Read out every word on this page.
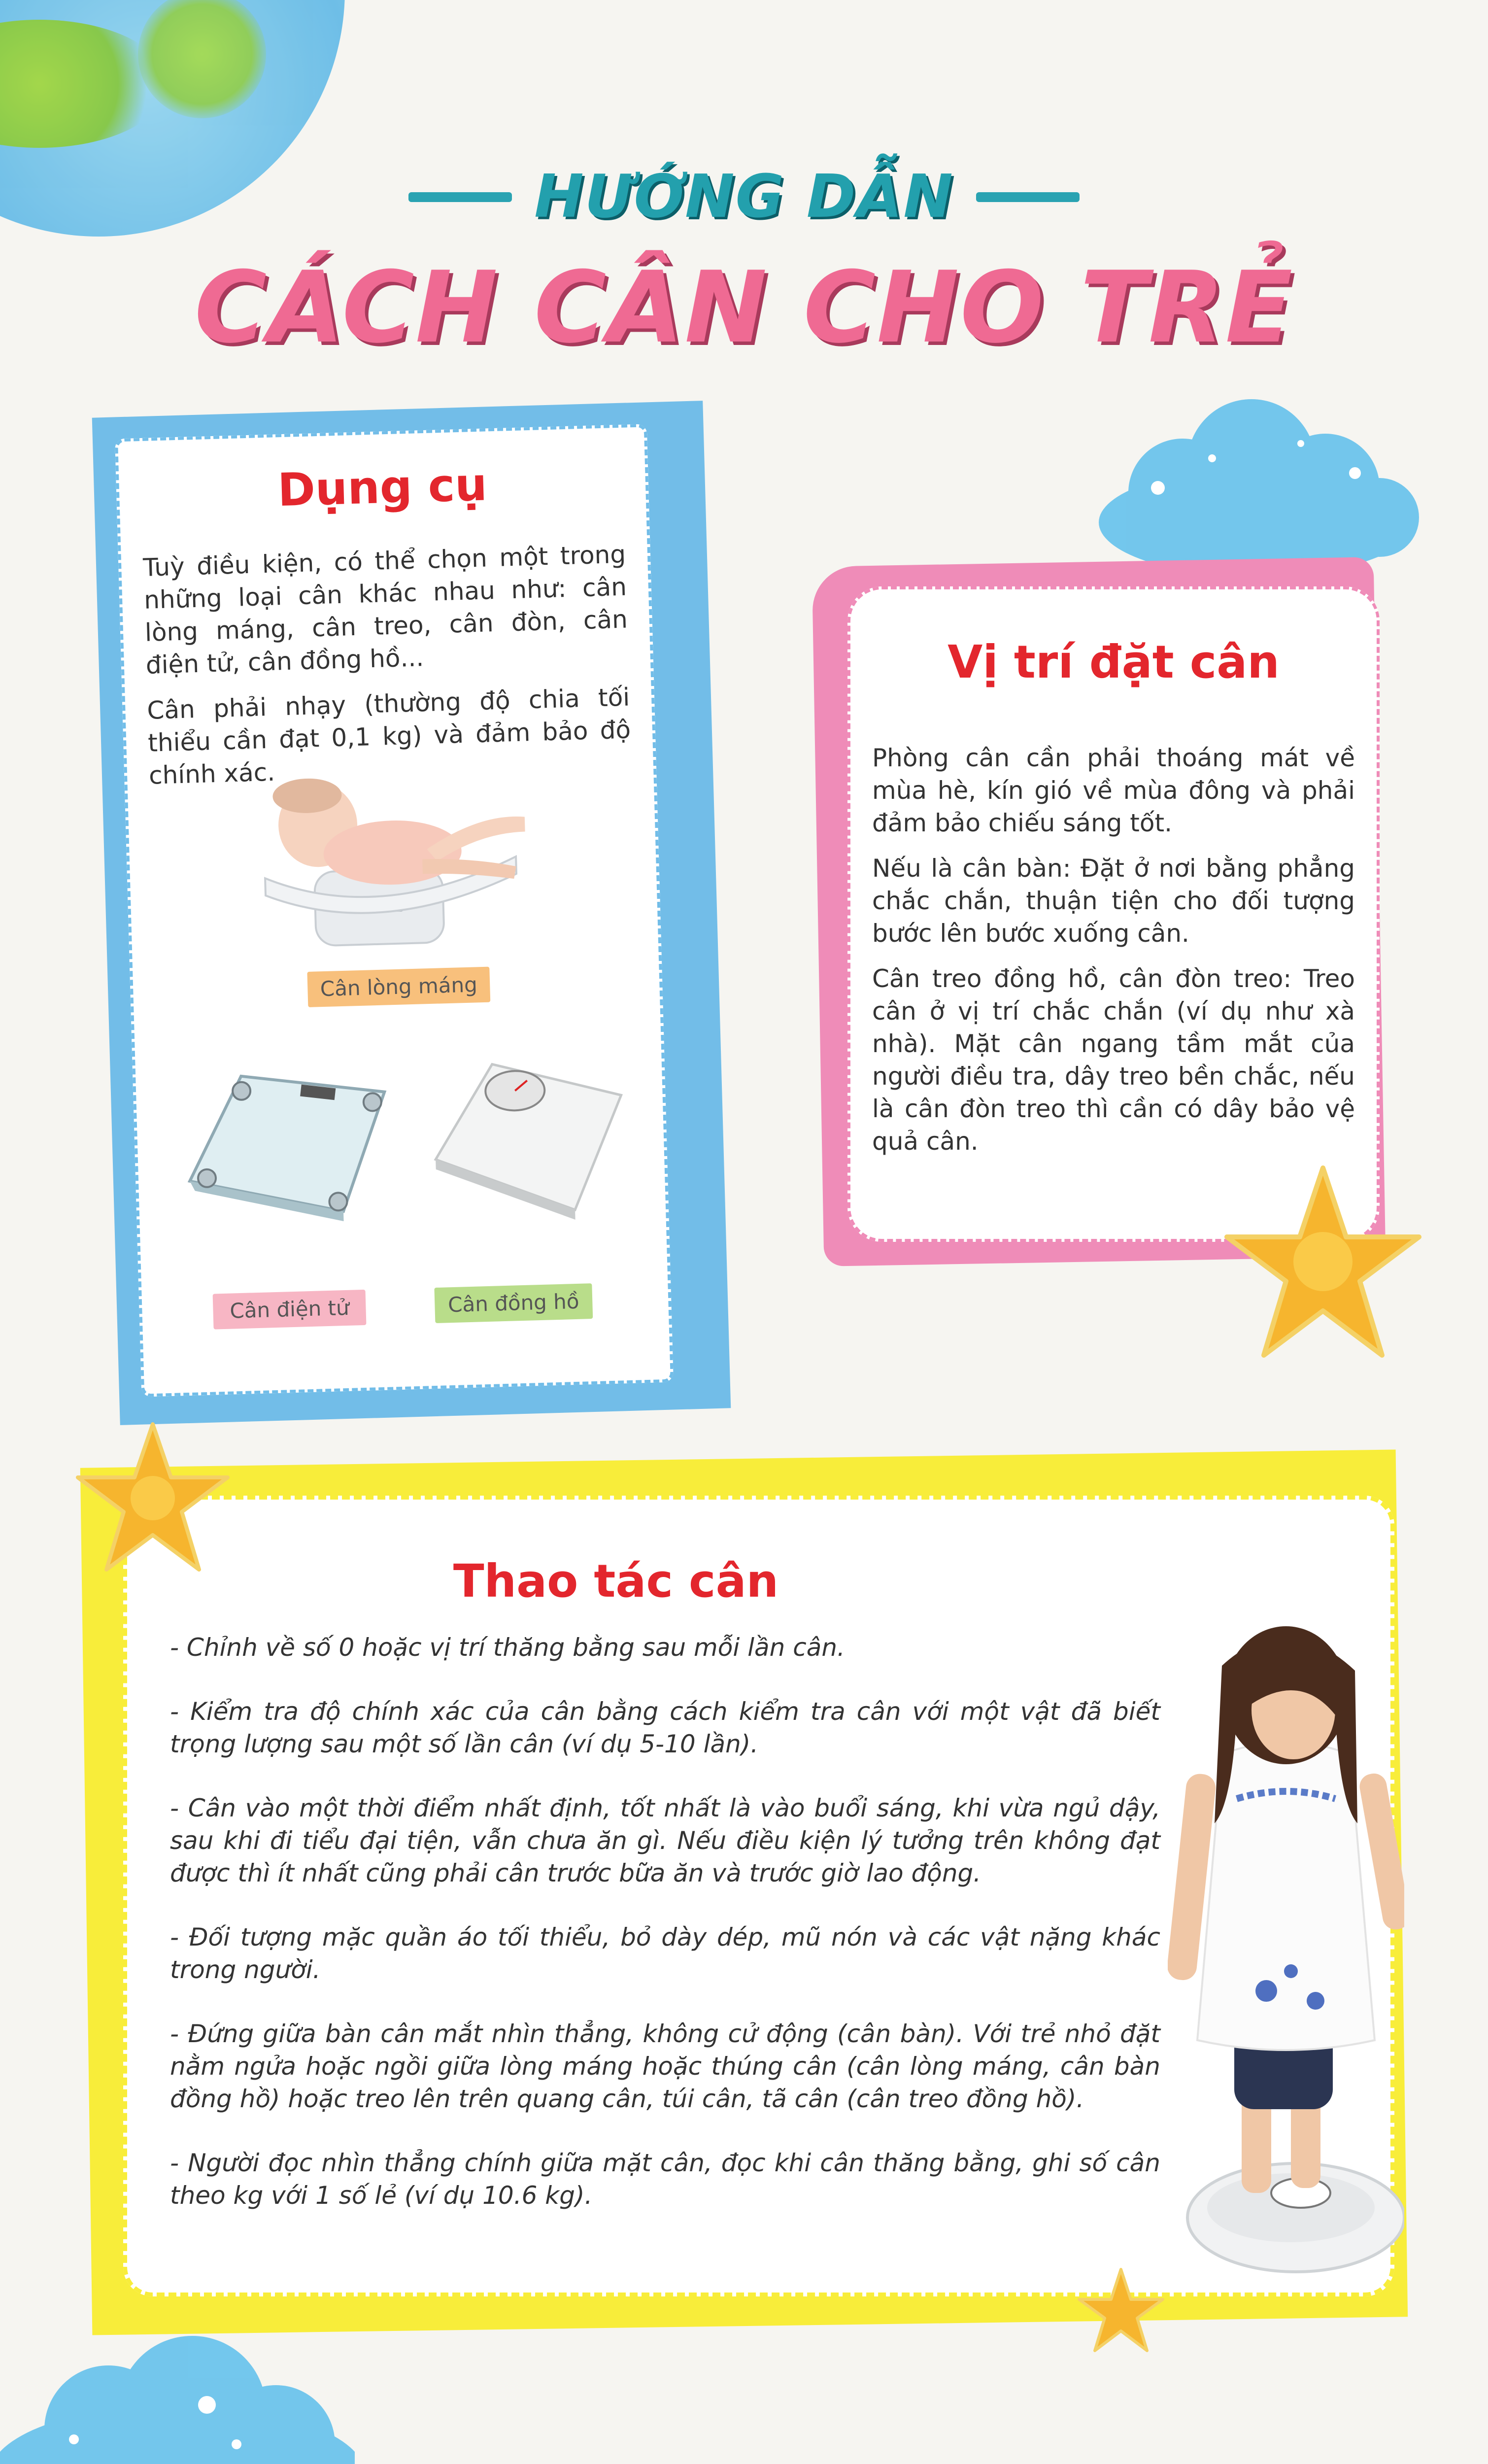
HƯỚNG DẪN
CÁCH CÂN CHO TRẺ
Dụng cụ

Tuỳ điều kiện, có thể chọn một trong những loại cân khác nhau như: cân lòng máng, cân treo, cân đòn, cân điện tử, cân đồng hồ...

Cân phải nhạy (thường độ chia tối thiểu cần đạt 0,1 kg) và đảm bảo độ chính xác.

Cân lòng máng
Cân điện tử	Cân đồng hồ
Vị trí đặt cân

Phòng cân cần phải thoáng mát về mùa hè, kín gió về mùa đông và phải đảm bảo chiếu sáng tốt.

Nếu là cân bàn: Đặt ở nơi bằng phẳng chắc chắn, thuận tiện cho đối tượng bước lên bước xuống cân.

Cân treo đồng hồ, cân đòn treo: Treo cân ở vị trí chắc chắn (ví dụ như xà nhà). Mặt cân ngang tầm mắt của người điều tra, dây treo bền chắc, nếu là cân đòn treo thì cần có dây bảo vệ quả cân.

Thao tác cân

- Chỉnh về số 0 hoặc vị trí thăng bằng sau mỗi lần cân.

- Kiểm tra độ chính xác của cân bằng cách kiểm tra cân với một vật đã biết trọng lượng sau một số lần cân (ví dụ 5-10 lần).

- Cân vào một thời điểm nhất định, tốt nhất là vào buổi sáng, khi vừa ngủ dậy, sau khi đi tiểu đại tiện, vẫn chưa ăn gì. Nếu điều kiện lý tưởng trên không đạt được thì ít nhất cũng phải cân trước bữa ăn và trước giờ lao động.

- Đối tượng mặc quần áo tối thiểu, bỏ dày dép, mũ nón và các vật nặng khác trong người.

- Đứng giữa bàn cân mắt nhìn thẳng, không cử động (cân bàn). Với trẻ nhỏ đặt nằm ngửa hoặc ngồi giữa lòng máng hoặc thúng cân (cân lòng máng, cân bàn đồng hồ) hoặc treo lên trên quang cân, túi cân, tã cân (cân treo đồng hồ).

- Người đọc nhìn thẳng chính giữa mặt cân, đọc khi cân thăng bằng, ghi số cân theo kg với 1 số lẻ (ví dụ 10.6 kg).
